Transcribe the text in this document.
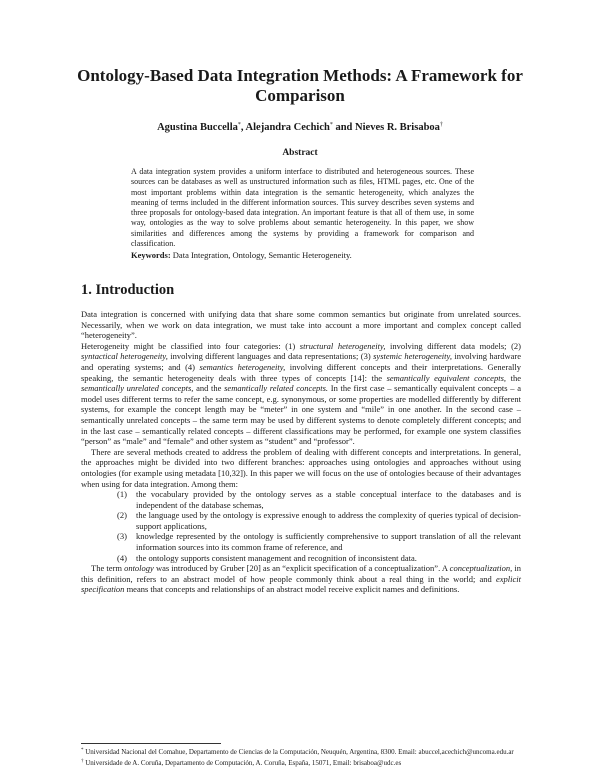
Ontology-Based Data Integration Methods: A Framework for Comparison
Agustina Buccella*, Alejandra Cechich* and Nieves R. Brisaboa†
Abstract
A data integration system provides a uniform interface to distributed and heterogeneous sources. These sources can be databases as well as unstructured information such as files, HTML pages, etc. One of the most important problems within data integration is the semantic heterogeneity, which analyzes the meaning of terms included in the different information sources. This survey describes seven systems and three proposals for ontology-based data integration. An important feature is that all of them use, in some way, ontologies as the way to solve problems about semantic heterogeneity. In this paper, we show similarities and differences among the systems by providing a framework for comparison and classification.
Keywords: Data Integration, Ontology, Semantic Heterogeneity.
1. Introduction

Data integration is concerned with unifying data that share some common semantics but originate from unrelated sources. Necessarily, when we work on data integration, we must take into account a more important and complex concept called “heterogeneity”.

Heterogeneity might be classified into four categories: (1) structural heterogeneity, involving different data models; (2) syntactical heterogeneity, involving different languages and data representations; (3) systemic heterogeneity, involving hardware and operating systems; and (4) semantics heterogeneity, involving different concepts and their interpretations. Generally speaking, the semantic heterogeneity deals with three types of concepts [14]: the semantically equivalent concepts, the semantically unrelated concepts, and the semantically related concepts. In the first case – semantically equivalent concepts – a model uses different terms to refer the same concept, e.g. synonymous, or some properties are modelled differently by different systems, for example the concept length may be “meter” in one system and “mile” in one another. In the second case – semantically unrelated concepts – the same term may be used by different systems to denote completely different concepts; and in the last case – semantically related concepts – different classifications may be performed, for example one system classifies “person” as “male” and “female” and other system as “student” and “professor”.

There are several methods created to address the problem of dealing with different concepts and interpretations. In general, the approaches might be divided into two different branches: approaches using ontologies and approaches without using ontologies (for example using metadata [10,32]). In this paper we will focus on the use of ontologies because of their advantages when using for data integration. Among them:

(1) the vocabulary provided by the ontology serves as a stable conceptual interface to the databases and is independent of the database schemas,
(2) the language used by the ontology is expressive enough to address the complexity of queries typical of decision-support applications,
(3) knowledge represented by the ontology is sufficiently comprehensive to support translation of all the relevant information sources into its common frame of reference, and
(4) the ontology supports consistent management and recognition of inconsistent data.

The term ontology was introduced by Gruber [20] as an “explicit specification of a conceptualization”. A conceptualization, in this definition, refers to an abstract model of how people commonly think about a real thing in the world; and explicit specification means that concepts and relationships of an abstract model receive explicit names and definitions.

* Universidad Nacional del Comahue, Departamento de Ciencias de la Computación, Neuquén, Argentina, 8300. Email: abuccel,acechich@uncoma.edu.ar

† Universidade de A. Coruña, Departamento de Computación, A. Coruña, España, 15071, Email: brisaboa@udc.es
